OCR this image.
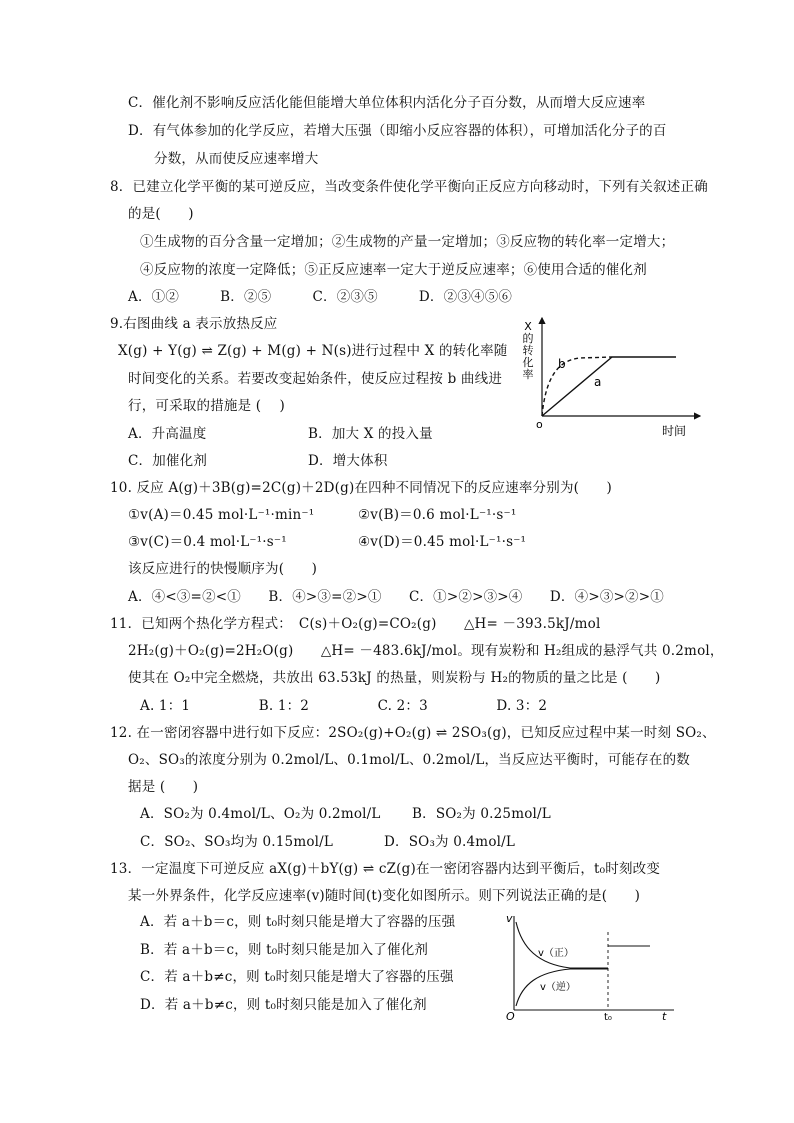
C．催化剂不影响反应活化能但能增大单位体积内活化分子百分数，从而增大反应速率
D．有气体参加的化学反应，若增大压强（即缩小反应容器的体积），可增加活化分子的百
分数，从而使反应速率增大
8．已建立化学平衡的某可逆反应，当改变条件使化学平衡向正反应方向移动时，下列有关叙述正确
的是(　　)
①生成物的百分含量一定增加；②生成物的产量一定增加；③反应物的转化率一定增大；
④反应物的浓度一定降低；⑤正反应速率一定大于逆反应速率；⑥使用合适的催化剂
A．①②　　　B．②⑤　　　C．②③⑤　　　D．②③④⑤⑥
9.右图曲线 a 表示放热反应
X(g) + Y(g) ⇌ Z(g) + M(g) + N(s)进行过程中 X 的转化率随
时间变化的关系。若要改变起始条件，使反应过程按 b 曲线进
行，可采取的措施是 (　 )
A．升高温度	B．加大 X 的投入量
C．加催化剂	D．增大体积
10. 反应 A(g)＋3B(g)=2C(g)＋2D(g)在四种不同情况下的反应速率分别为(　　)
①v(A)＝0.45 mol·L⁻¹·min⁻¹	②v(B)＝0.6 mol·L⁻¹·s⁻¹
③v(C)＝0.4 mol·L⁻¹·s⁻¹	④v(D)＝0.45 mol·L⁻¹·s⁻¹
该反应进行的快慢顺序为(　　)
A．④<③=②<①　　B．④>③=②>①　　C．①>②>③>④　　D．④>③>②>①
11．已知两个热化学方程式：　C(s)＋O₂(g)=CO₂(g)　　△H= －393.5kJ/mol
2H₂(g)＋O₂(g)=2H₂O(g)　　△H= －483.6kJ/mol。现有炭粉和 H₂组成的悬浮气共 0.2mol，
使其在 O₂中完全燃烧，共放出 63.53kJ 的热量，则炭粉与 H₂的物质的量之比是 (　　)
A. 1：1　　　　　B. 1：2　　　　　C. 2：3　　　　　D. 3：2
12. 在一密闭容器中进行如下反应：2SO₂(g)+O₂(g) ⇌ 2SO₃(g)，已知反应过程中某一时刻 SO₂、
O₂、SO₃的浓度分别为 0.2mol/L、0.1mol/L、0.2mol/L，当反应达平衡时，可能存在的数
据是 (　　)
A．SO₂为 0.4mol/L、O₂为 0.2mol/L B．SO₂为 0.25mol/L
C．SO₂、SO₃均为 0.15mol/L	D．SO₃为 0.4mol/L
13．一定温度下可逆反应 aX(g)＋bY(g) ⇌ cZ(g)在一密闭容器内达到平衡后，t₀时刻改变
某一外界条件，化学反应速率(v)随时间(t)变化如图所示。则下列说法正确的是(　　)
A．若 a＋b＝c，则 t₀时刻只能是增大了容器的压强
B．若 a＋b＝c，则 t₀时刻只能是加入了催化剂
C．若 a＋b≠c，则 t₀时刻只能是增大了容器的压强
D．若 a＋b≠c，则 t₀时刻只能是加入了催化剂
X 的转化率
o	时间
b
a
v
O	t
t₀
v（正）
v（逆）
